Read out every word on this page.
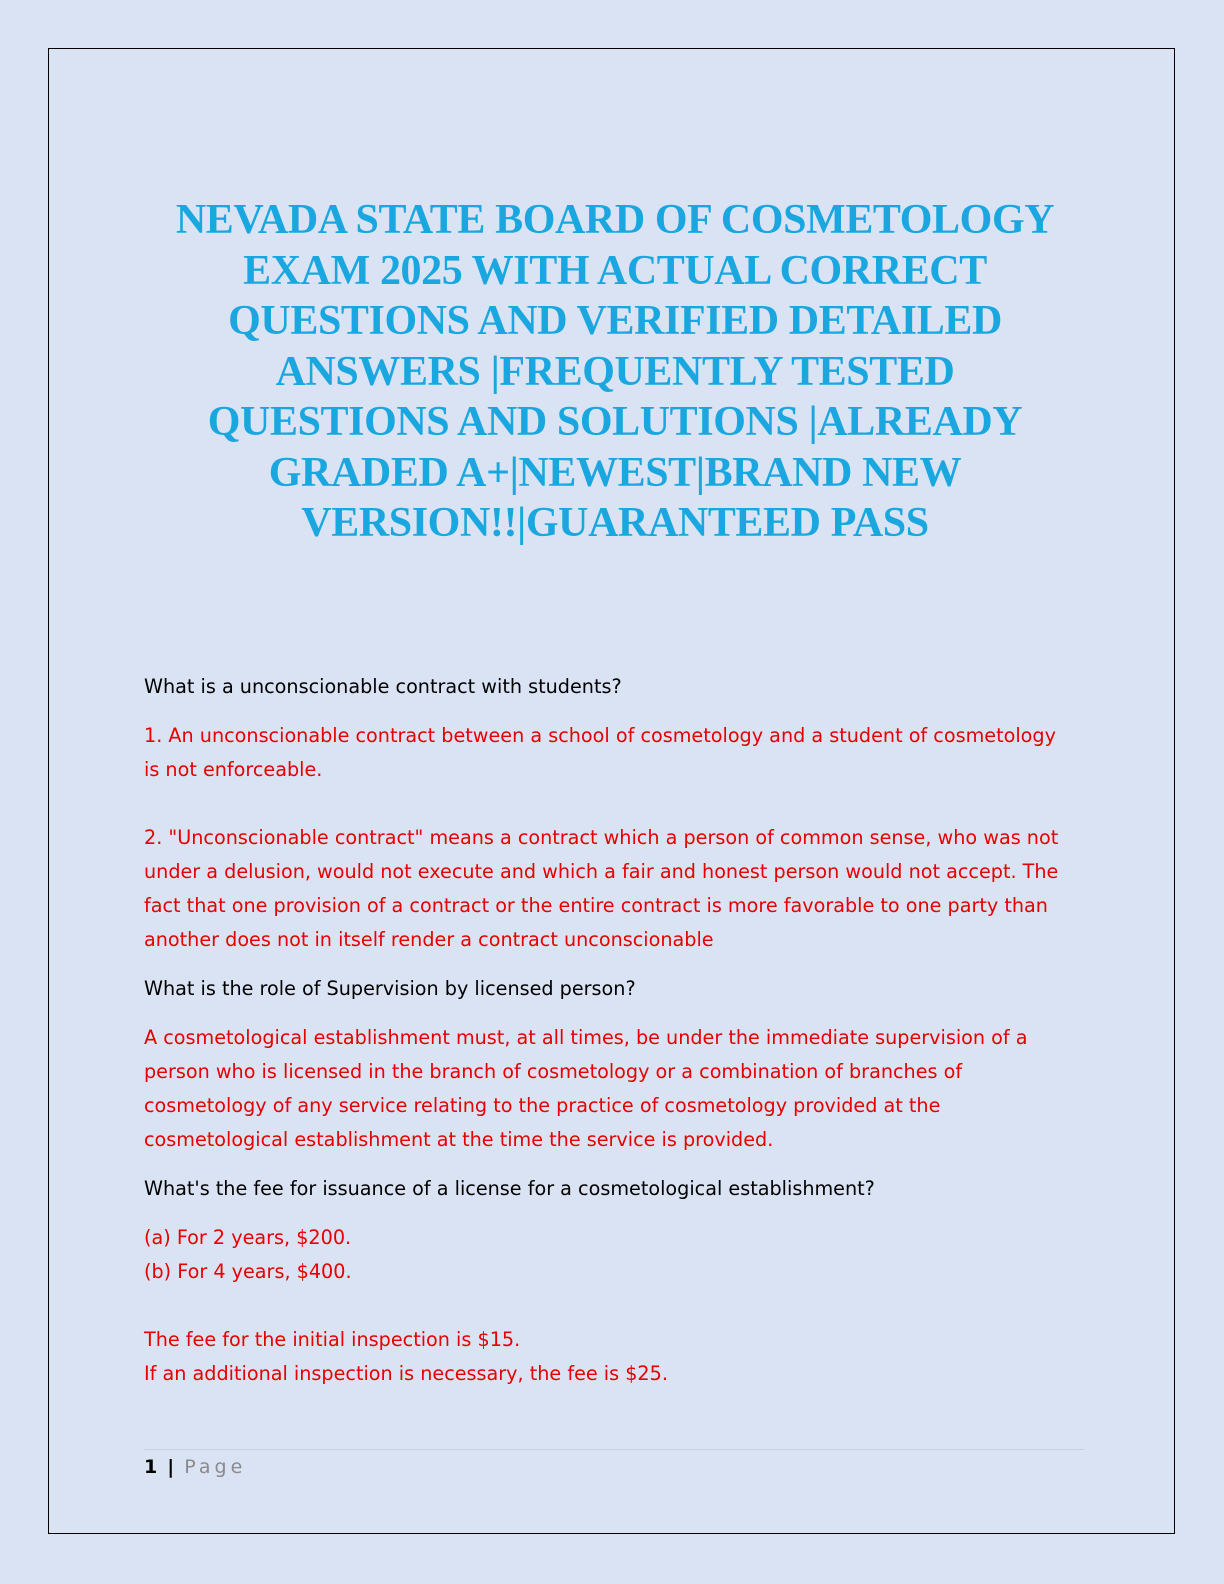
NEVADA STATE BOARD OF COSMETOLOGY EXAM 2025 WITH ACTUAL CORRECT QUESTIONS AND VERIFIED DETAILED ANSWERS |FREQUENTLY TESTED QUESTIONS AND SOLUTIONS |ALREADY GRADED A+|NEWEST|BRAND NEW VERSION!!|GUARANTEED PASS

What is a unconscionable contract with students?

1. An unconscionable contract between a school of cosmetology and a student of cosmetology is not enforceable.
2. "Unconscionable contract" means a contract which a person of common sense, who was not under a delusion, would not execute and which a fair and honest person would not accept. The fact that one provision of a contract or the entire contract is more favorable to one party than another does not in itself render a contract unconscionable

What is the role of Supervision by licensed person?

A cosmetological establishment must, at all times, be under the immediate supervision of a person who is licensed in the branch of cosmetology or a combination of branches of cosmetology of any service relating to the practice of cosmetology provided at the cosmetological establishment at the time the service is provided.

What's the fee for issuance of a license for a cosmetological establishment?

(a) For 2 years, $200.
(b) For 4 years, $400.
The fee for the initial inspection is $15.
If an additional inspection is necessary, the fee is $25.
1 | Page
